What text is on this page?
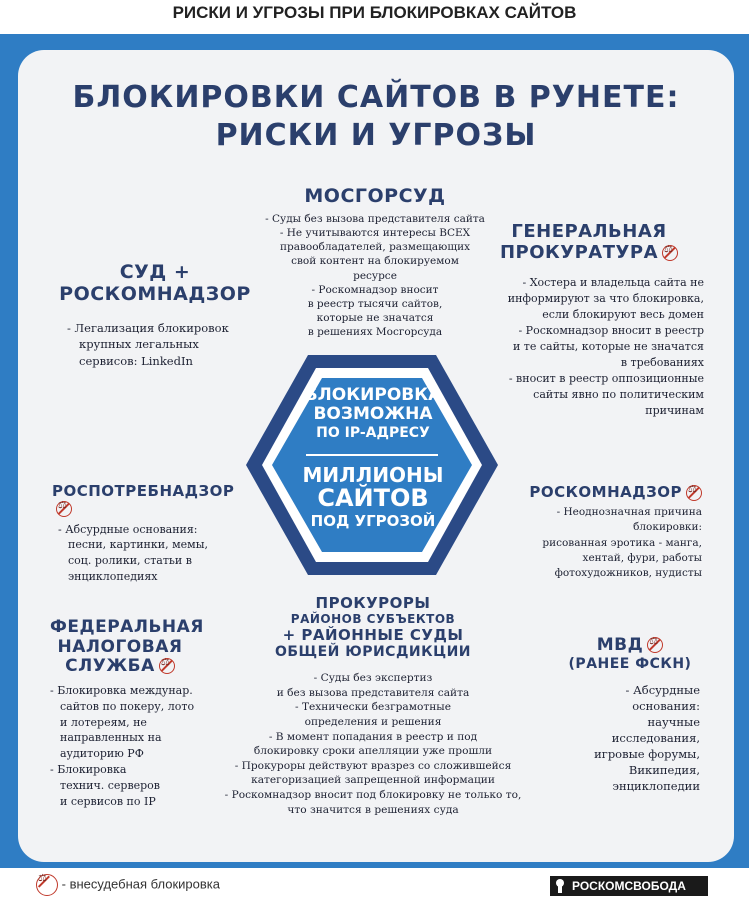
РИСКИ И УГРОЗЫ ПРИ БЛОКИРОВКАХ САЙТОВ
БЛОКИРОВКИ САЙТОВ В РУНЕТЕ:
РИСКИ И УГРОЗЫ
БЛОКИРОВКА
ВОЗМОЖНА
ПО IP-АДРЕСУ
МИЛЛИОНЫ
САЙТОВ
ПОД УГРОЗОЙ
СУД +
РОСКОМНАДЗОР
- Легализация блокировок
крупных легальных
сервисов: LinkedIn
МОСГОРСУД
- Суды без вызова представителя сайта
- Не учитываются интересы ВСЕХ
правообладателей, размещающих
свой контент на блокируемом
ресурсе
- Роскомнадзор вносит
в реестр тысячи сайтов,
которые не значатся
в решениях Мосгорсуда
ГЕНЕРАЛЬНАЯ
ПРОКУРАТУРА⚖
- Хостера и владельца сайта не
информируют за что блокировка,
если блокируют весь домен
- Роскомнадзор вносит в реестр
и те сайты, которые не значатся
в требованиях
- вносит в реестр оппозиционные
сайты явно по политическим
причинам
РОСПОТРЕБНАДЗОР⚖
- Абсурдные основания:
песни, картинки, мемы,
соц. ролики, статьи в
энциклопедиях
РОСКОМНАДЗОР⚖
- Неоднозначная причина блокировки:
рисованная эротика - манга,
хентай, фури, работы
фотохудожников, нудисты
ФЕДЕРАЛЬНАЯ
НАЛОГОВАЯ
СЛУЖБА⚖
- Блокировка междунар.
сайтов по покеру, лото
и лотереям, не
направленных на
аудиторию РФ
- Блокировка
технич. серверов
и сервисов по IP
ПРОКУРОРЫ
РАЙОНОВ СУБЪЕКТОВ
+ РАЙОННЫЕ СУДЫ
ОБЩЕЙ ЮРИСДИКЦИИ
- Суды без экспертиз
и без вызова представителя сайта
- Технически безграмотные
определения и решения
- В момент попадания в реестр и под
блокировку сроки апелляции уже прошли
- Прокуроры действуют вразрез со сложившейся
категоризацией запрещенной информации
- Роскомнадзор вносит под блокировку не только то,
что значится в решениях суда
МВД⚖
(РАНЕЕ ФСКН)
- Абсурдные
основания:
научные
исследования,
игровые форумы,
Википедия,
энциклопедии
⚖ - внесудебная блокировка	РОСКОМСВОБОДА
